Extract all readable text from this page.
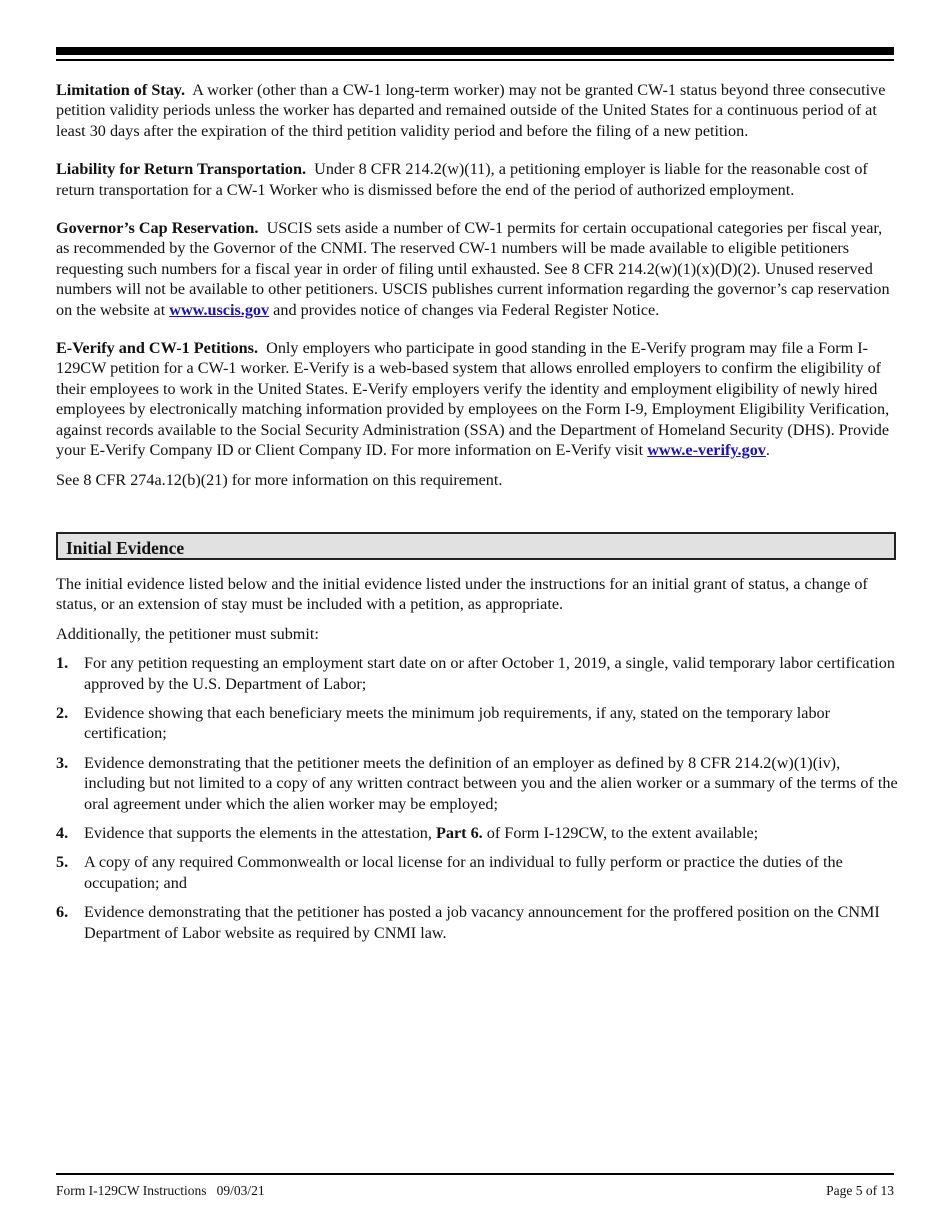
Limitation of Stay. A worker (other than a CW-1 long-term worker) may not be granted CW-1 status beyond three consecutive petition validity periods unless the worker has departed and remained outside of the United States for a continuous period of at least 30 days after the expiration of the third petition validity period and before the filing of a new petition.

Liability for Return Transportation. Under 8 CFR 214.2(w)(11), a petitioning employer is liable for the reasonable cost of return transportation for a CW-1 Worker who is dismissed before the end of the period of authorized employment.

Governor’s Cap Reservation. USCIS sets aside a number of CW-1 permits for certain occupational categories per fiscal year, as recommended by the Governor of the CNMI. The reserved CW-1 numbers will be made available to eligible petitioners requesting such numbers for a fiscal year in order of filing until exhausted. See 8 CFR 214.2(w)(1)(x)(D)(2). Unused reserved numbers will not be available to other petitioners. USCIS publishes current information regarding the governor’s cap reservation on the website at www.uscis.gov and provides notice of changes via Federal Register Notice.

E-Verify and CW-1 Petitions. Only employers who participate in good standing in the E-Verify program may file a Form I-129CW petition for a CW-1 worker. E-Verify is a web-based system that allows enrolled employers to confirm the eligibility of their employees to work in the United States. E-Verify employers verify the identity and employment eligibility of newly hired employees by electronically matching information provided by employees on the Form I-9, Employment Eligibility Verification, against records available to the Social Security Administration (SSA) and the Department of Homeland Security (DHS). Provide your E-Verify Company ID or Client Company ID. For more information on E-Verify visit www.e-verify.gov.

See 8 CFR 274a.12(b)(21) for more information on this requirement.

Initial Evidence

The initial evidence listed below and the initial evidence listed under the instructions for an initial grant of status, a change of status, or an extension of stay must be included with a petition, as appropriate.

Additionally, the petitioner must submit:

1. For any petition requesting an employment start date on or after October 1, 2019, a single, valid temporary labor certification approved by the U.S. Department of Labor;
2. Evidence showing that each beneficiary meets the minimum job requirements, if any, stated on the temporary labor certification;
3. Evidence demonstrating that the petitioner meets the definition of an employer as defined by 8 CFR 214.2(w)(1)(iv), including but not limited to a copy of any written contract between you and the alien worker or a summary of the terms of the oral agreement under which the alien worker may be employed;
4. Evidence that supports the elements in the attestation, Part 6. of Form I-129CW, to the extent available;
5. A copy of any required Commonwealth or local license for an individual to fully perform or practice the duties of the occupation; and
6. Evidence demonstrating that the petitioner has posted a job vacancy announcement for the proffered position on the CNMI Department of Labor website as required by CNMI law.
Form I-129CW Instructions   09/03/21	Page 5 of 13
